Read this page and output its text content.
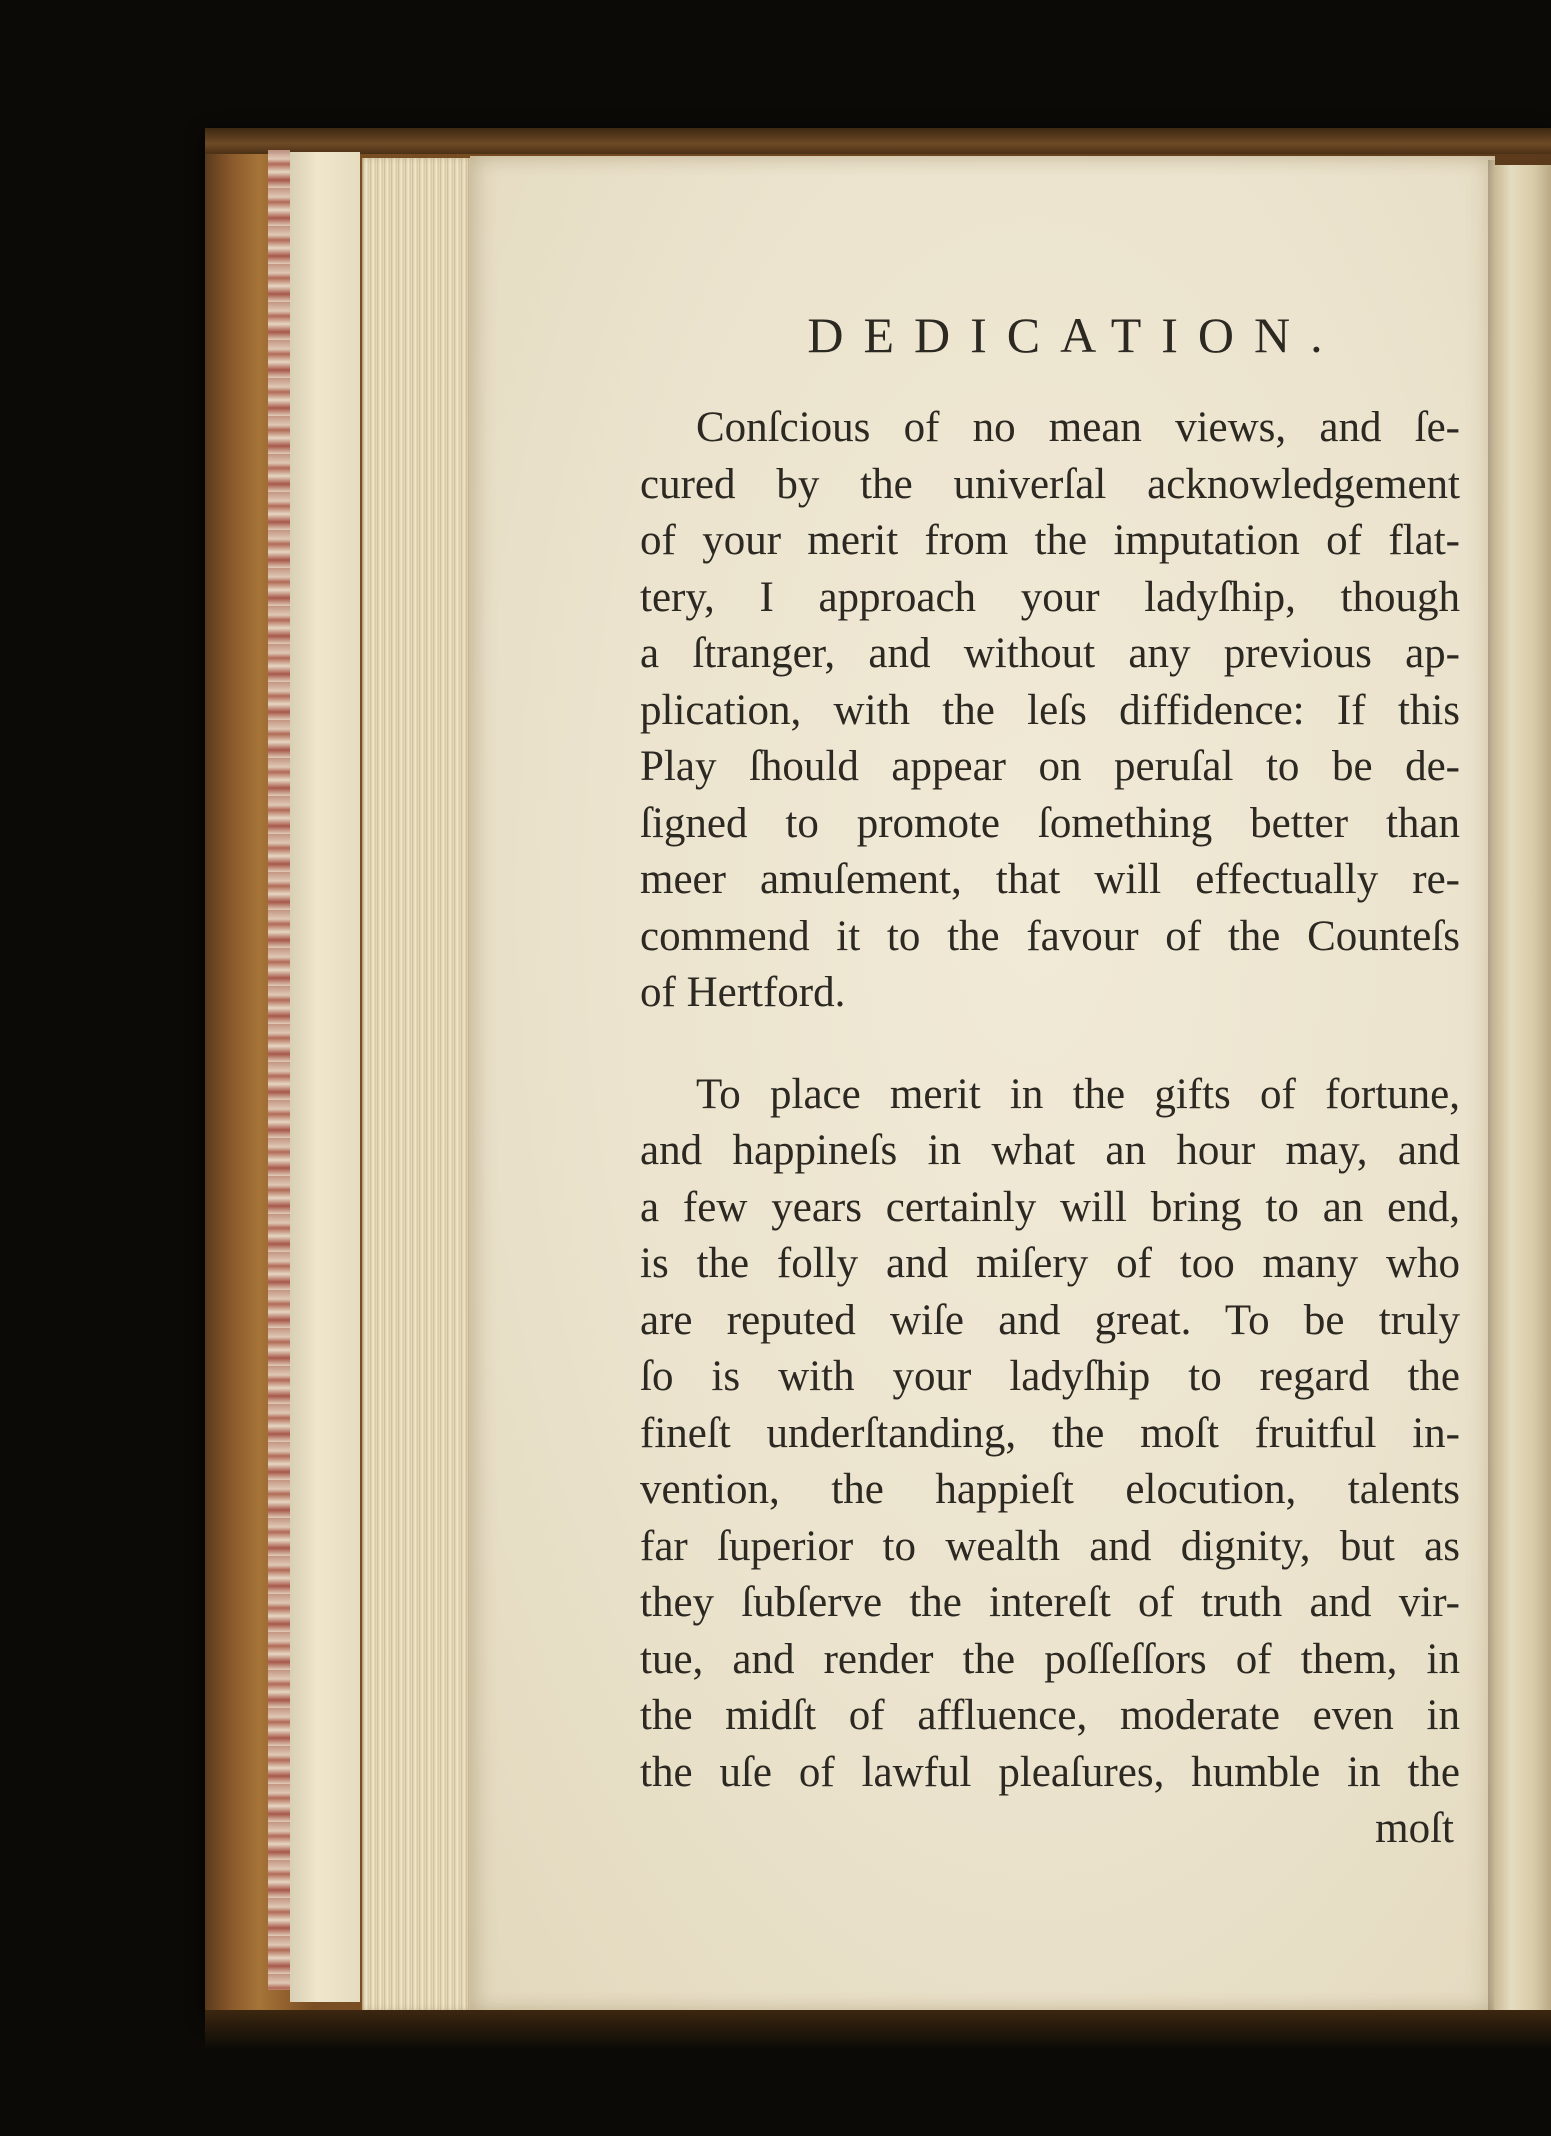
DEDICATION.
Conſcious of no mean views, and ſe-
cured by the univerſal acknowledgement
of your merit from the imputation of flat-
tery, I approach your ladyſhip, though
a ſtranger, and without any previous ap-
plication, with the leſs diffidence: If this
Play ſhould appear on peruſal to be de-
ſigned to promote ſomething better than
meer amuſement, that will effectually re-
commend it to the favour of the Counteſs
of Hertford.
To place merit in the gifts of fortune,
and happineſs in what an hour may, and
a few years certainly will bring to an end,
is the folly and miſery of too many who
are reputed wiſe and great. To be truly
ſo is with your ladyſhip to regard the
fineſt underſtanding, the moſt fruitful in-
vention, the happieſt elocution, talents
far ſuperior to wealth and dignity, but as
they ſubſerve the intereſt of truth and vir-
tue, and render the poſſeſſors of them, in
the midſt of affluence, moderate even in
the uſe of lawful pleaſures, humble in the
moſt
